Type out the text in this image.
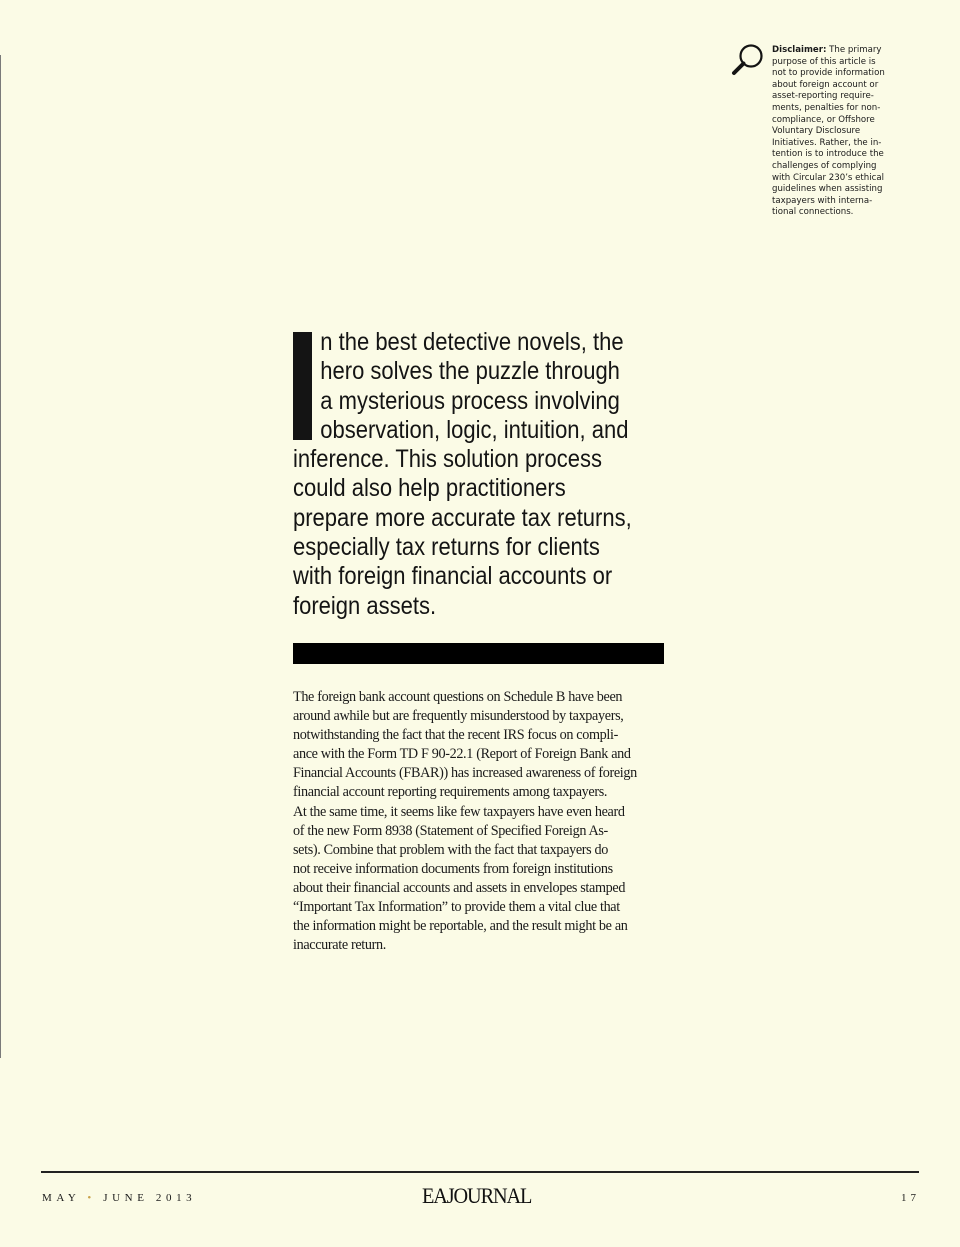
Disclaimer: The primary
purpose of this article is
not to provide information
about foreign account or
asset-reporting require-
ments, penalties for non-
compliance, or Offshore
Voluntary Disclosure
Initiatives. Rather, the in-
tention is to introduce the
challenges of complying
with Circular 230’s ethical
guidelines when assisting
taxpayers with interna-
tional connections.

n the best detective novels, the
hero solves the puzzle through
a mysterious process involving
observation, logic, intuition, and
inference. This solution process
could also help practitioners
prepare more accurate tax returns,
especially tax returns for clients
with foreign financial accounts or
foreign assets.
The foreign bank account questions on Schedule B have been
around awhile but are frequently misunderstood by taxpayers,
notwithstanding the fact that the recent IRS focus on compli-
ance with the Form TD F 90-22.1 (Report of Foreign Bank and
Financial Accounts (FBAR)) has increased awareness of foreign
financial account reporting requirements among taxpayers.
At the same time, it seems like few taxpayers have even heard
of the new Form 8938 (Statement of Specified Foreign As-
sets). Combine that problem with the fact that taxpayers do
not receive information documents from foreign institutions
about their financial accounts and assets in envelopes stamped
“Important Tax Information” to provide them a vital clue that
the information might be reportable, and the result might be an
inaccurate return.
MAY • JUNE 2013	EAJOURNAL	17
